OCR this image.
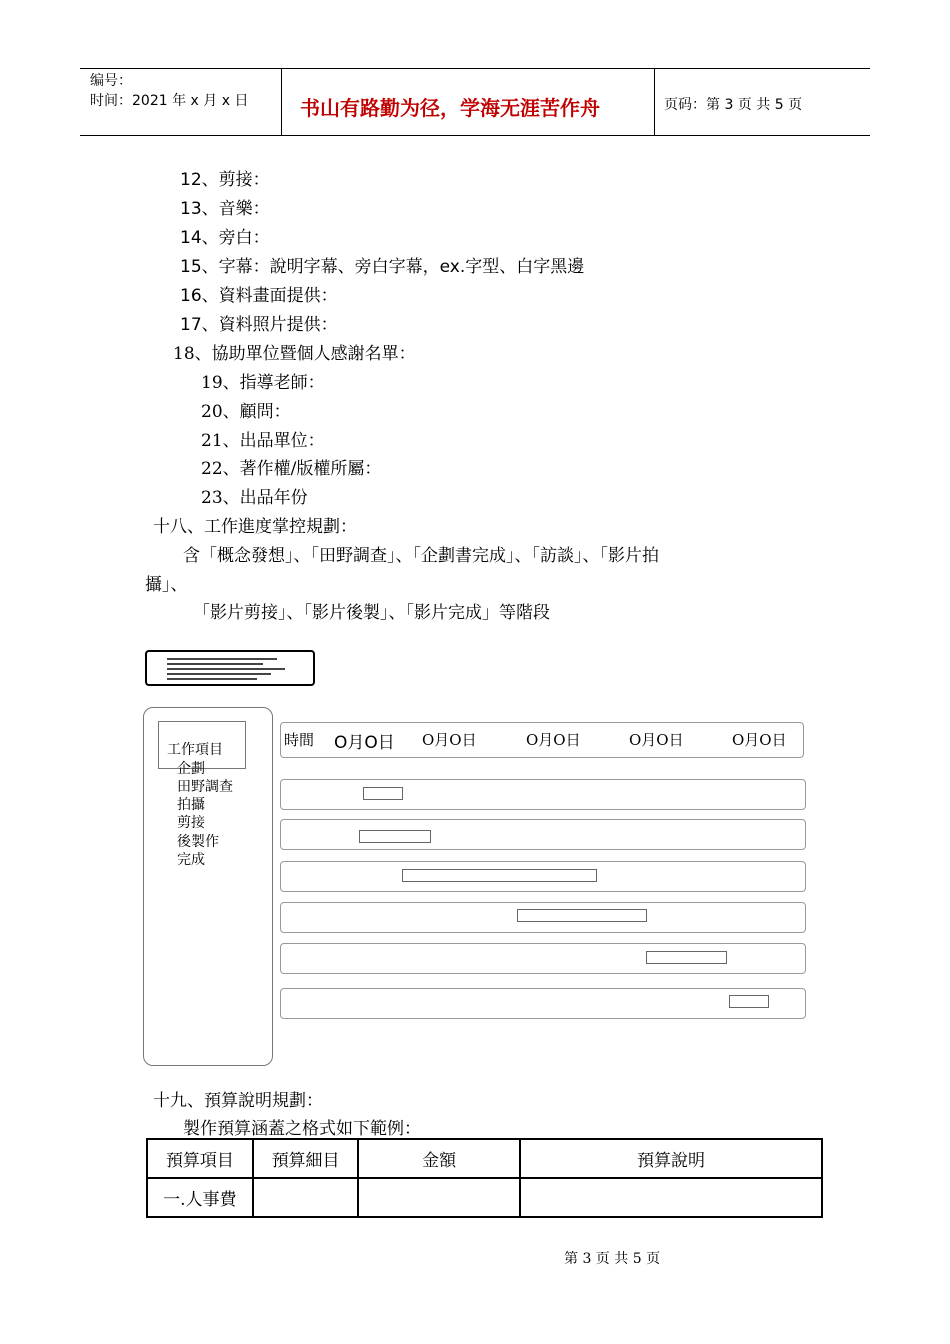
编号：
时间：2021 年 x 月 x 日	书山有路勤为径，学海无涯苦作舟	页码：第 3 页 共 5 页
12、剪接：
13、音樂：
14、旁白：
15、字幕：說明字幕、旁白字幕，ex.字型、白字黑邊
16、資料畫面提供：
17、資料照片提供：
18、協助單位暨個人感謝名單：
19、指導老師：
20、顧問：
21、出品單位：
22、著作權/版權所屬：
23、出品年份
十八、工作進度掌控規劃：
含「概念發想」、「田野調查」、「企劃書完成」、「訪談」、「影片拍
攝」、
「影片剪接」、「影片後製」、「影片完成」等階段
工作項目
企劃
田野調查
拍攝
剪接
後製作
完成
時間 O月O日 O月O日	O月O日	O月O日	O月O日
十九、預算說明規劃：
製作預算涵蓋之格式如下範例：
預算項目	預算細目	金額	預算說明
一.人事費			
第 3 页 共 5 页
